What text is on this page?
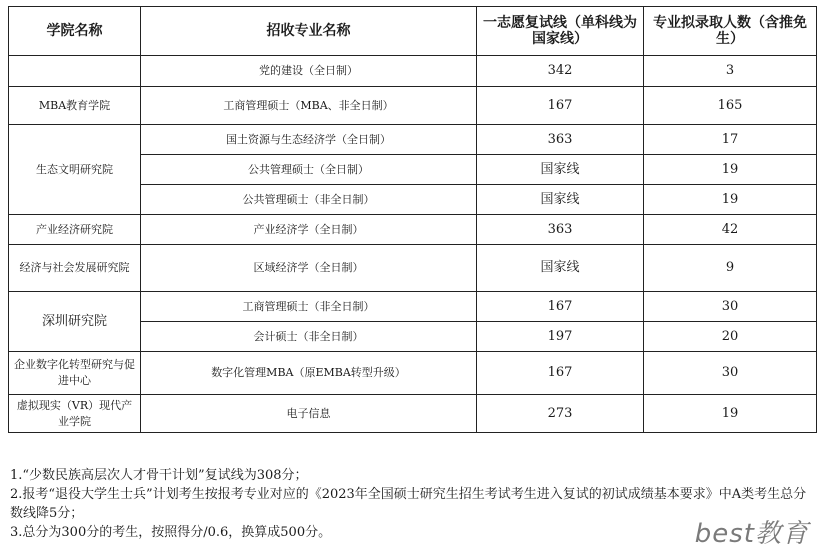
学院名称	招收专业名称	一志愿复试线（单科线为国家线）	专业拟录取人数（含推免生）
	党的建设（全日制）	342	3
MBA教育学院	工商管理硕士（MBA、非全日制）	167	165
生态文明研究院	国土资源与生态经济学（全日制）	363	17
	公共管理硕士（全日制）	国家线	19
	公共管理硕士（非全日制）	国家线	19
产业经济研究院	产业经济学（全日制）	363	42
经济与社会发展研究院	区域经济学（全日制）	国家线	9
深圳研究院	工商管理硕士（非全日制）	167	30
	会计硕士（非全日制）	197	20
企业数字化转型研究与促进中心	数字化管理MBA（原EMBA转型升级）	167	30
虚拟现实（VR）现代产业学院	电子信息	273	19

1.“少数民族高层次人才骨干计划”复试线为308分；

2.报考“退役大学生士兵”计划考生按报考专业对应的《2023年全国硕士研究生招生考试考生进入复试的初试成绩基本要求》中A类考生总分数线降5分；

3.总分为300分的考生，按照得分/0.6，换算成500分。	best教育
